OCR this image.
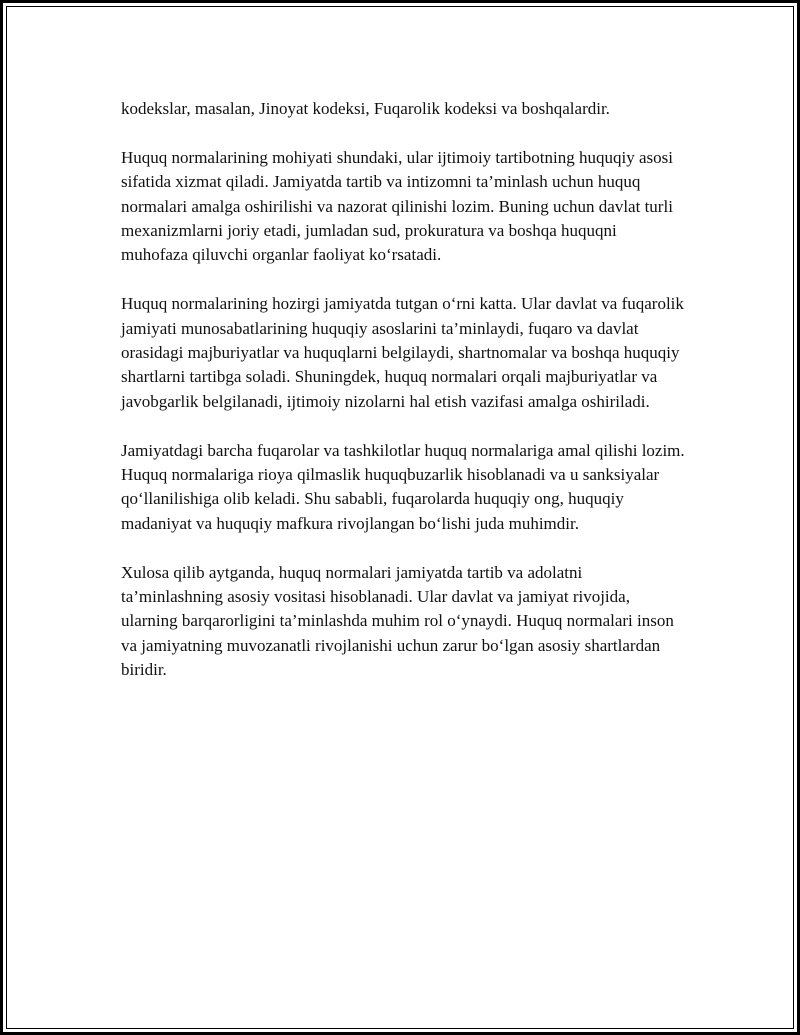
kodekslar, masalan, Jinoyat kodeksi, Fuqarolik kodeksi va boshqalardir.

Huquq normalarining mohiyati shundaki, ular ijtimoiy tartibotning huquqiy asosi sifatida xizmat qiladi. Jamiyatda tartib va intizomni ta’minlash uchun huquq normalari amalga oshirilishi va nazorat qilinishi lozim. Buning uchun davlat turli mexanizmlarni joriy etadi, jumladan sud, prokuratura va boshqa huquqni muhofaza qiluvchi organlar faoliyat ko‘rsatadi.

Huquq normalarining hozirgi jamiyatda tutgan o‘rni katta. Ular davlat va fuqarolik jamiyati munosabatlarining huquqiy asoslarini ta’minlaydi, fuqaro va davlat orasidagi majburiyatlar va huquqlarni belgilaydi, shartnomalar va boshqa huquqiy shartlarni tartibga soladi. Shuningdek, huquq normalari orqali majburiyatlar va javobgarlik belgilanadi, ijtimoiy nizolarni hal etish vazifasi amalga oshiriladi.

Jamiyatdagi barcha fuqarolar va tashkilotlar huquq normalariga amal qilishi lozim. Huquq normalariga rioya qilmaslik huquqbuzarlik hisoblanadi va u sanksiyalar qo‘llanilishiga olib keladi. Shu sababli, fuqarolarda huquqiy ong, huquqiy madaniyat va huquqiy mafkura rivojlangan bo‘lishi juda muhimdir.

Xulosa qilib aytganda, huquq normalari jamiyatda tartib va adolatni ta’minlashning asosiy vositasi hisoblanadi. Ular davlat va jamiyat rivojida, ularning barqarorligini ta’minlashda muhim rol o‘ynaydi. Huquq normalari inson va jamiyatning muvozanatli rivojlanishi uchun zarur bo‘lgan asosiy shartlardan biridir.
